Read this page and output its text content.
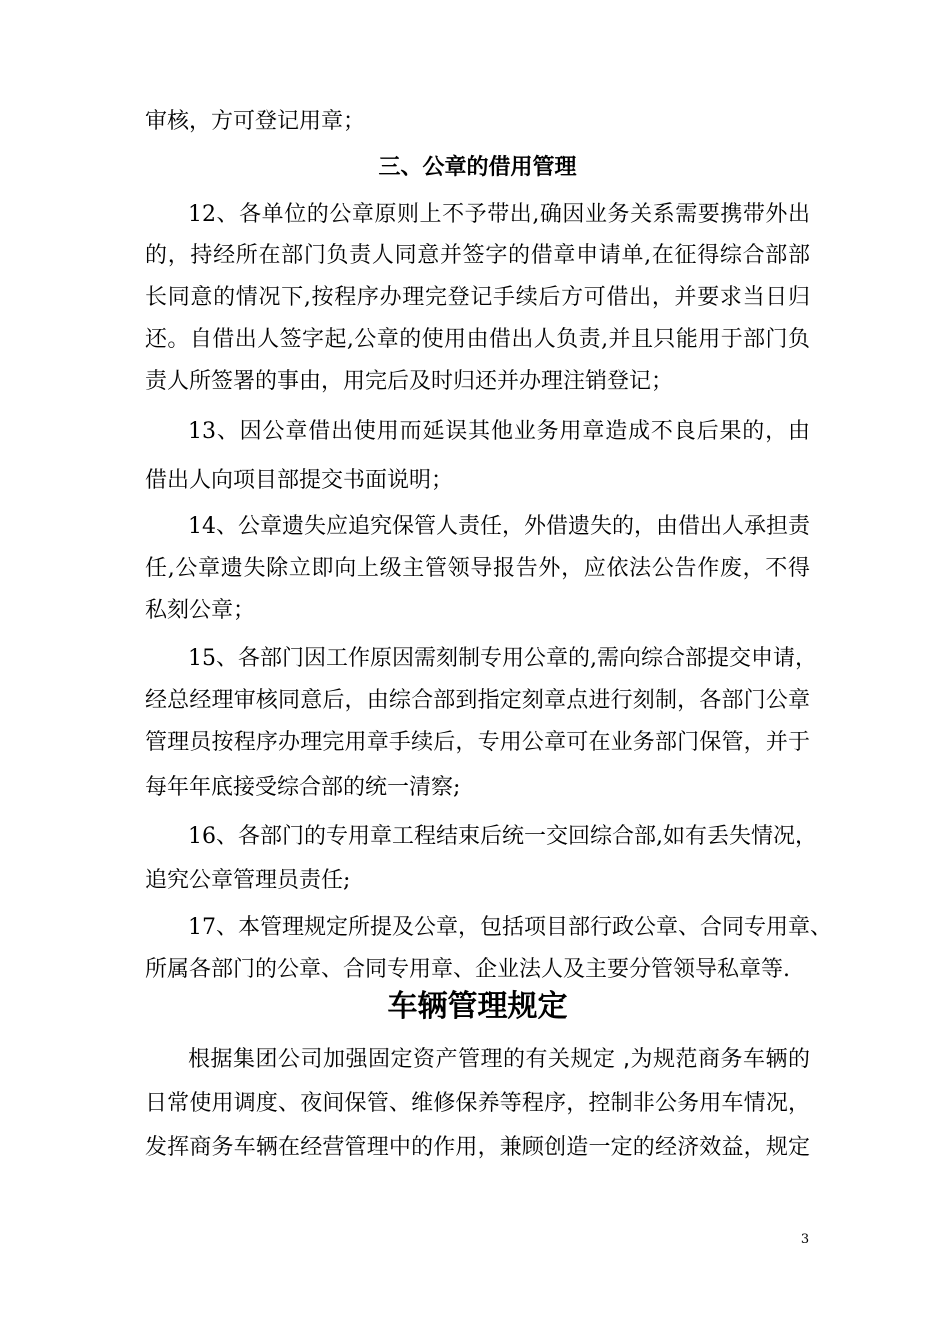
审核，方可登记用章；
三、公章的借用管理
12、各单位的公章原则上不予带出,确因业务关系需要携带外出
的，持经所在部门负责人同意并签字的借章申请单,在征得综合部部
长同意的情况下,按程序办理完登记手续后方可借出，并要求当日归
还。自借出人签字起,公章的使用由借出人负责,并且只能用于部门负
责人所签署的事由，用完后及时归还并办理注销登记；
13、因公章借出使用而延误其他业务用章造成不良后果的，由
借出人向项目部提交书面说明；
14、公章遗失应追究保管人责任，外借遗失的，由借出人承担责
任,公章遗失除立即向上级主管领导报告外，应依法公告作废，不得
私刻公章；
15、各部门因工作原因需刻制专用公章的,需向综合部提交申请，
经总经理审核同意后，由综合部到指定刻章点进行刻制，各部门公章
管理员按程序办理完用章手续后，专用公章可在业务部门保管，并于
每年年底接受综合部的统一清察;
16、各部门的专用章工程结束后统一交回综合部,如有丢失情况，
追究公章管理员责任;
17、本管理规定所提及公章，包括项目部行政公章、合同专用章、
所属各部门的公章、合同专用章、企业法人及主要分管领导私章等.
车辆管理规定
根据集团公司加强固定资产管理的有关规定 ,为规范商务车辆的
日常使用调度、夜间保管、维修保养等程序，控制非公务用车情况，
发挥商务车辆在经营管理中的作用，兼顾创造一定的经济效益，规定
3
